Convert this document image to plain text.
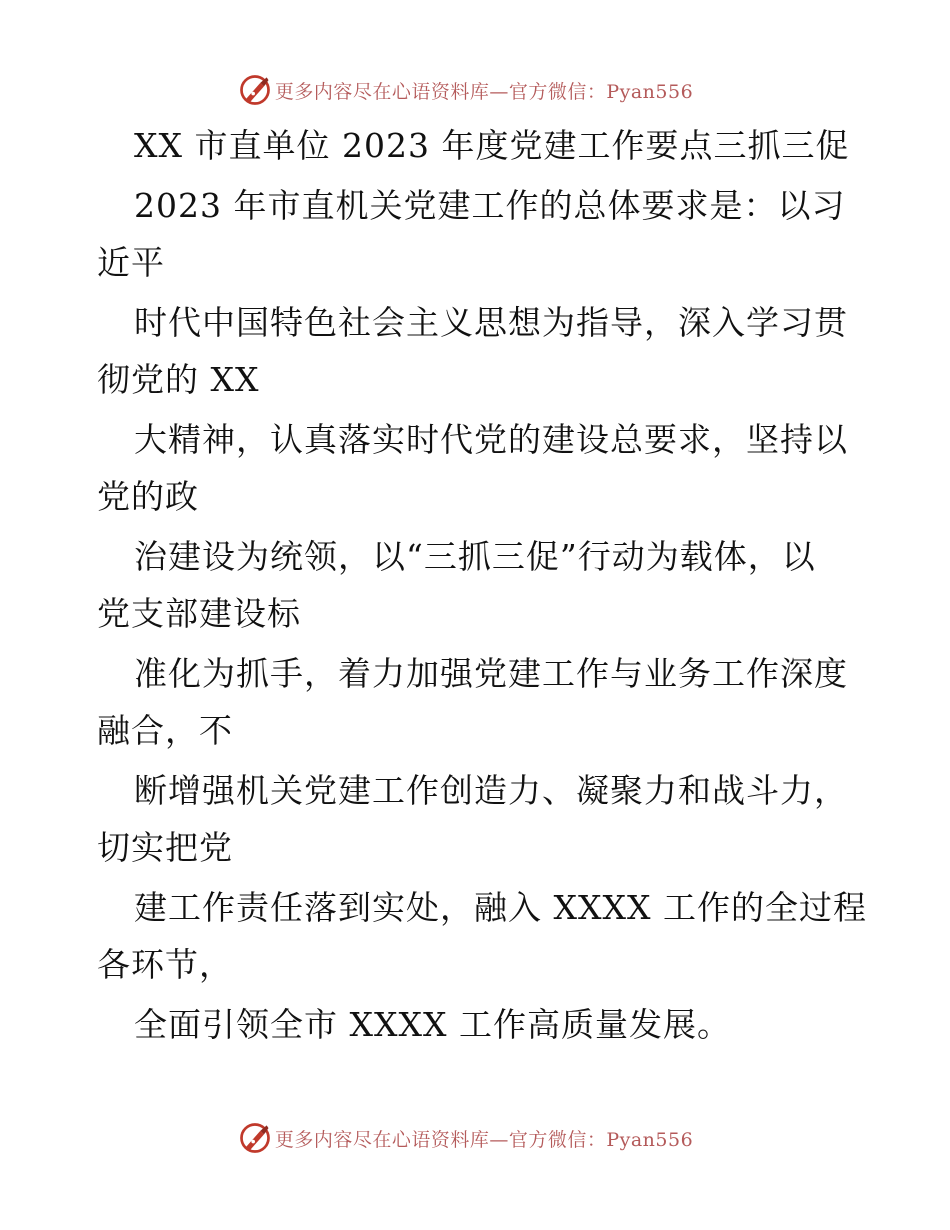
更多内容尽在心语资料库—官方微信：Pyan556
XX 市直单位 2023 年度党建工作要点三抓三促
2023 年市直机关党建工作的总体要求是：以习
近平
时代中国特色社会主义思想为指导，深入学习贯
彻党的 XX
大精神，认真落实时代党的建设总要求，坚持以
党的政
治建设为统领，以“三抓三促”行动为载体，以
党支部建设标
准化为抓手，着力加强党建工作与业务工作深度
融合，不
断增强机关党建工作创造力、凝聚力和战斗力，
切实把党
建工作责任落到实处，融入 XXXX 工作的全过程
各环节，
全面引领全市 XXXX 工作高质量发展。
更多内容尽在心语资料库—官方微信：Pyan556
